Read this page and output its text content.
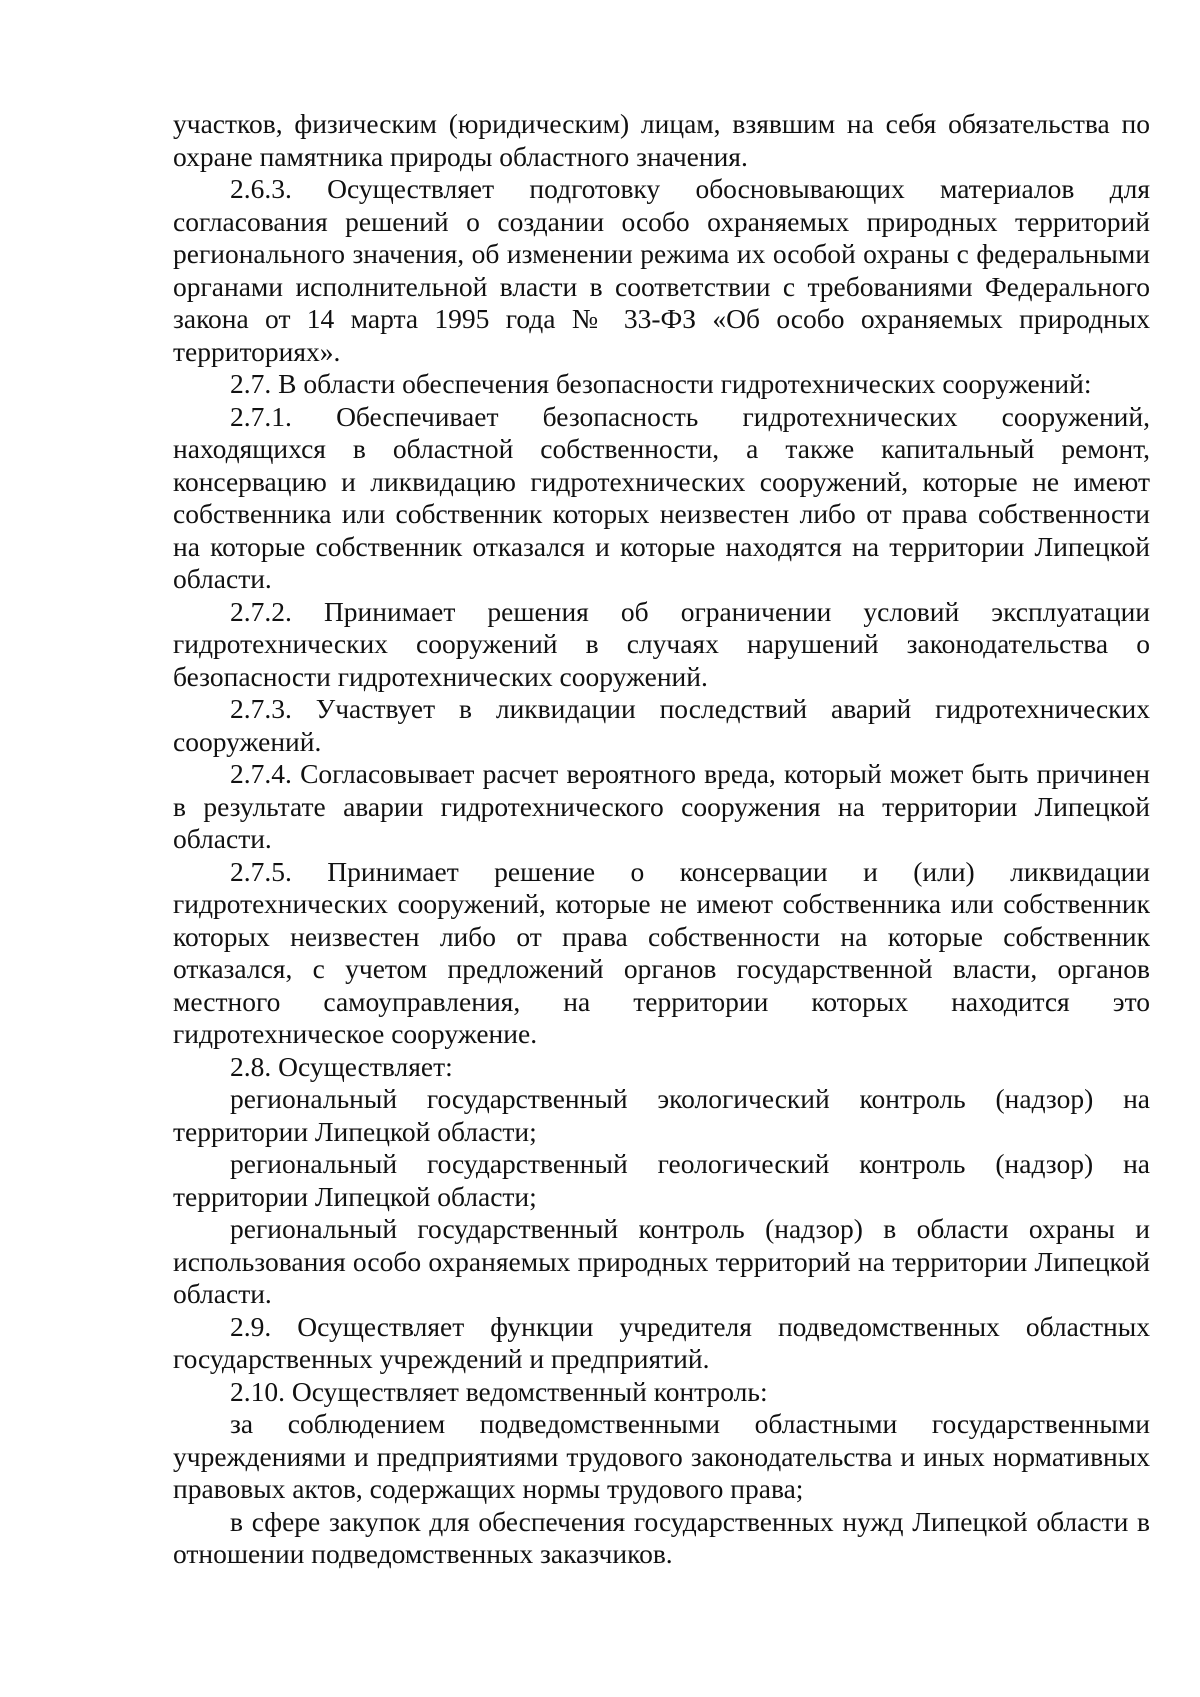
участков, физическим (юридическим) лицам, взявшим на себя обязательства по охране памятника природы областного значения.

2.6.3. Осуществляет подготовку обосновывающих материалов для согласования решений о создании особо охраняемых природных территорий регионального значения, об изменении режима их особой охраны с федеральными органами исполнительной власти в соответствии с требованиями Федерального закона от 14 марта 1995 года № 33-ФЗ «Об особо охраняемых природных территориях».

2.7. В области обеспечения безопасности гидротехнических сооружений:

2.7.1. Обеспечивает безопасность гидротехнических сооружений, находящихся в областной собственности, а также капитальный ремонт, консервацию и ликвидацию гидротехнических сооружений, которые не имеют собственника или собственник которых неизвестен либо от права собственности на которые собственник отказался и которые находятся на территории Липецкой области.

2.7.2. Принимает решения об ограничении условий эксплуатации гидротехнических сооружений в случаях нарушений законодательства о безопасности гидротехнических сооружений.

2.7.3. Участвует в ликвидации последствий аварий гидротехнических сооружений.

2.7.4. Согласовывает расчет вероятного вреда, который может быть причинен в результате аварии гидротехнического сооружения на территории Липецкой области.

2.7.5. Принимает решение о консервации и (или) ликвидации гидротехнических сооружений, которые не имеют собственника или собственник которых неизвестен либо от права собственности на которые собственник отказался, с учетом предложений органов государственной власти, органов местного самоуправления, на территории которых находится это гидротехническое сооружение.

2.8. Осуществляет:

региональный государственный экологический контроль (надзор) на территории Липецкой области;

региональный государственный геологический контроль (надзор) на территории Липецкой области;

региональный государственный контроль (надзор) в области охраны и использования особо охраняемых природных территорий на территории Липецкой области.

2.9. Осуществляет функции учредителя подведомственных областных государственных учреждений и предприятий.

2.10. Осуществляет ведомственный контроль:

за соблюдением подведомственными областными государственными учреждениями и предприятиями трудового законодательства и иных нормативных правовых актов, содержащих нормы трудового права;

в сфере закупок для обеспечения государственных нужд Липецкой области в отношении подведомственных заказчиков.
